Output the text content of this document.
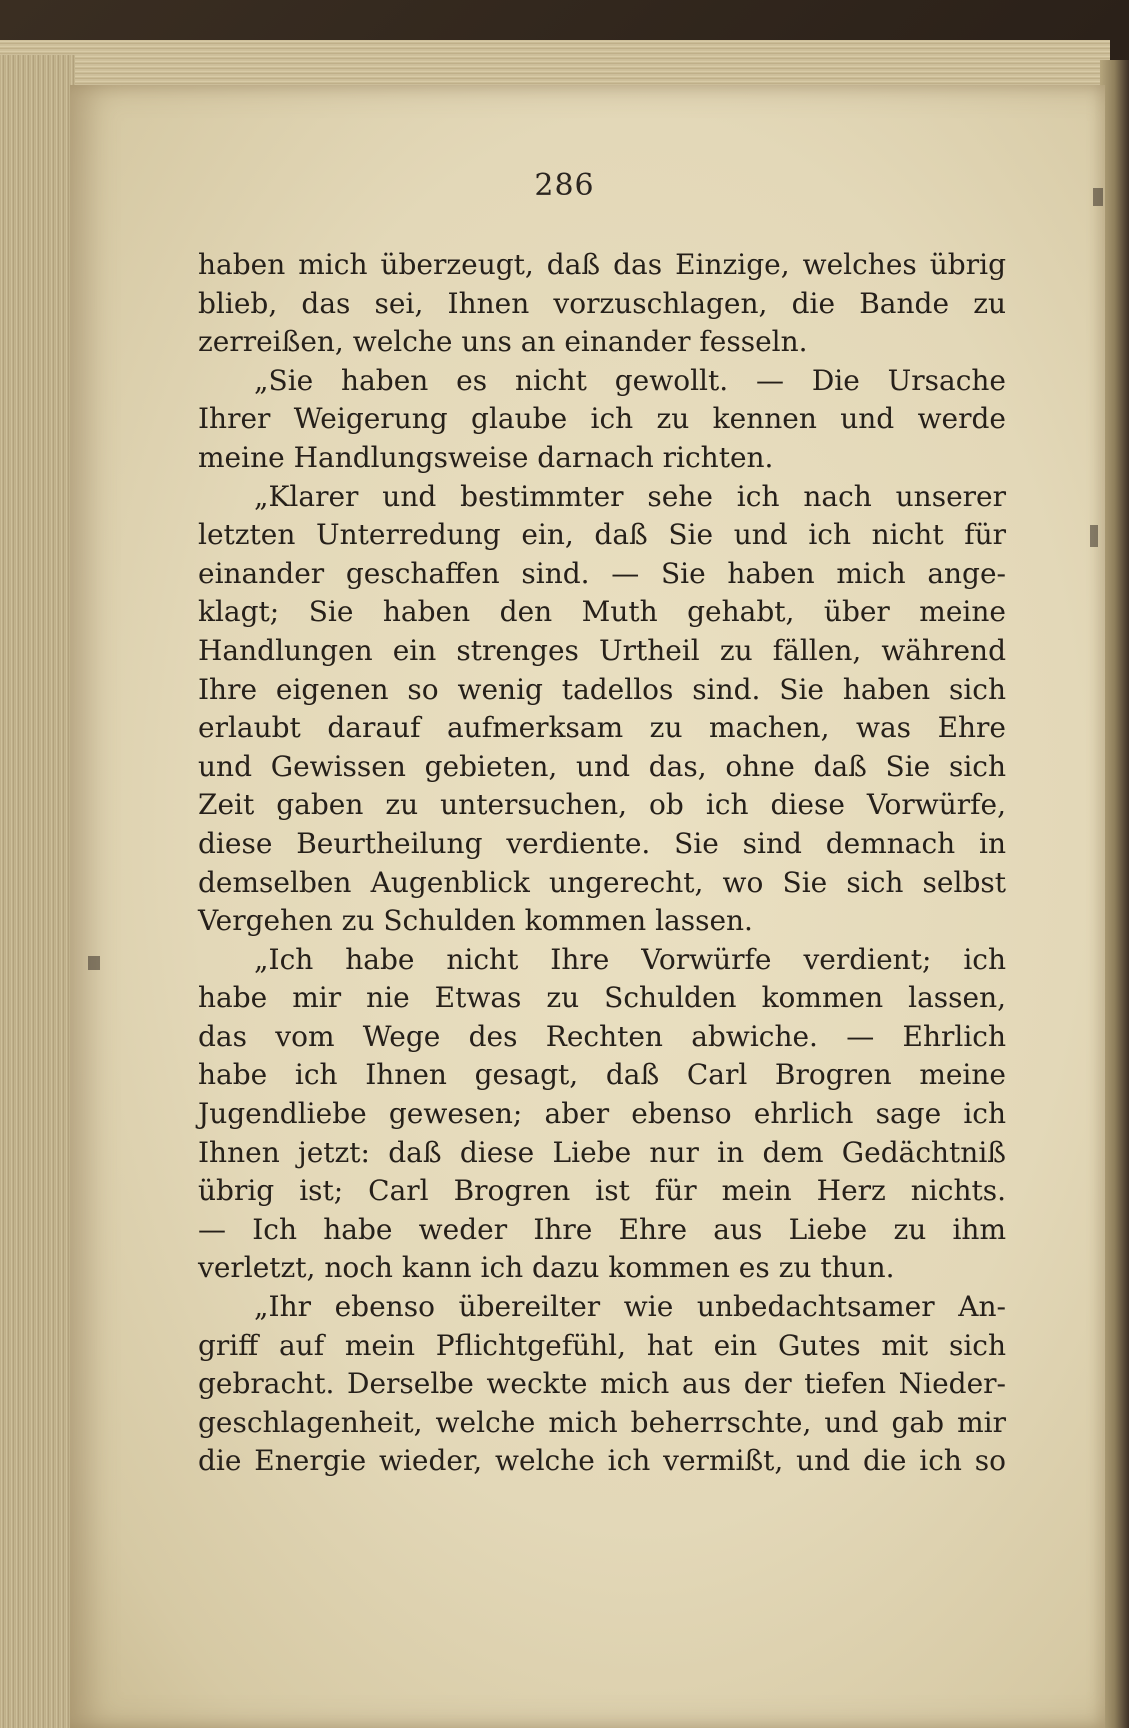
286
haben mich überzeugt, daß das Einzige, welches übrig
blieb, das sei, Ihnen vorzuschlagen, die Bande zu
zerreißen, welche uns an einander fesseln.
„Sie haben es nicht gewollt. — Die Ursache
Ihrer Weigerung glaube ich zu kennen und werde
meine Handlungsweise darnach richten.
„Klarer und bestimmter sehe ich nach unserer
letzten Unterredung ein, daß Sie und ich nicht für
einander geschaffen sind. — Sie haben mich ange-
klagt; Sie haben den Muth gehabt, über meine
Handlungen ein strenges Urtheil zu fällen, während
Ihre eigenen so wenig tadellos sind. Sie haben sich
erlaubt darauf aufmerksam zu machen, was Ehre
und Gewissen gebieten, und das, ohne daß Sie sich
Zeit gaben zu untersuchen, ob ich diese Vorwürfe,
diese Beurtheilung verdiente. Sie sind demnach in
demselben Augenblick ungerecht, wo Sie sich selbst
Vergehen zu Schulden kommen lassen.
„Ich habe nicht Ihre Vorwürfe verdient; ich
habe mir nie Etwas zu Schulden kommen lassen,
das vom Wege des Rechten abwiche. — Ehrlich
habe ich Ihnen gesagt, daß Carl Brogren meine
Jugendliebe gewesen; aber ebenso ehrlich sage ich
Ihnen jetzt: daß diese Liebe nur in dem Gedächtniß
übrig ist; Carl Brogren ist für mein Herz nichts.
— Ich habe weder Ihre Ehre aus Liebe zu ihm
verletzt, noch kann ich dazu kommen es zu thun.
„Ihr ebenso übereilter wie unbedachtsamer An-
griff auf mein Pflichtgefühl, hat ein Gutes mit sich
gebracht. Derselbe weckte mich aus der tiefen Nieder-
geschlagenheit, welche mich beherrschte, und gab mir
die Energie wieder, welche ich vermißt, und die ich so
